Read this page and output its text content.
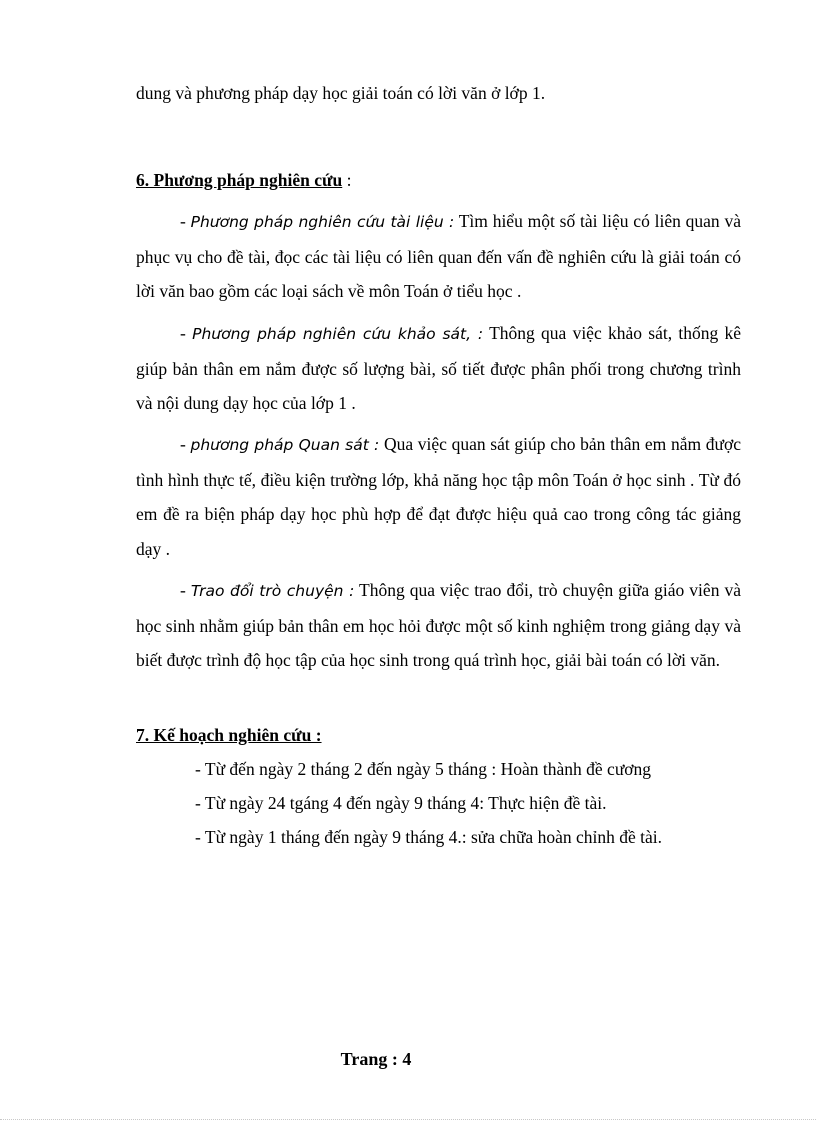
dung và phương pháp dạy học giải toán có lời văn ở lớp 1.
6. Phương pháp nghiên cứu :
- Phương pháp nghiên cứu tài liệu : Tìm hiểu một số tài liệu có liên quan và phục vụ cho đề tài, đọc các tài liệu có liên quan đến vấn đề nghiên cứu là giải toán có lời văn bao gồm các loại sách về môn Toán ở tiểu học .
- Phương pháp nghiên cứu khảo sát, : Thông qua việc khảo sát, thống kê giúp bản thân em nắm được số lượng bài, số tiết được phân phối trong chương trình và nội dung dạy học của lớp 1 .
- phương pháp Quan sát : Qua việc quan sát giúp cho bản thân em nắm được tình hình thực tế, điều kiện trường lớp, khả năng học tập môn Toán ở học sinh . Từ đó em đề ra biện pháp dạy học phù hợp để đạt được hiệu quả cao trong công tác giảng dạy .
- Trao đổi trò chuyện : Thông qua việc trao đổi, trò chuyện giữa giáo viên và học sinh nhằm giúp bản thân em học hỏi được một số kinh nghiệm trong giảng dạy và biết được trình độ học tập của học sinh trong quá trình học, giải bài toán có lời văn.
7. Kế hoạch nghiên cứu :
- Từ đến ngày 2 tháng 2 đến ngày 5 tháng : Hoàn thành đề cương
- Từ ngày 24 tgáng 4 đến ngày 9 tháng 4: Thực hiện đề tài.
- Từ ngày 1 tháng đến ngày 9 tháng 4.: sửa chữa hoàn chỉnh đề tài.
Trang : 4
